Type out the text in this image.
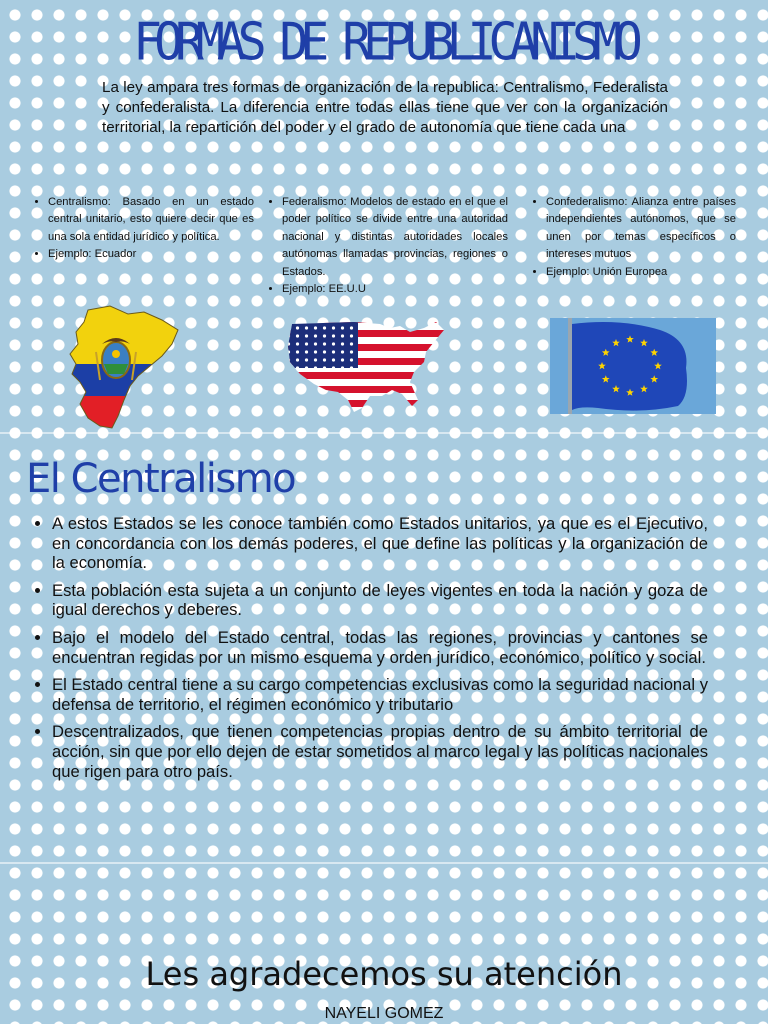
FORMAS DE REPUBLICANISMO

La ley ampara tres formas de organización de la republica: Centralismo, Federalista y confederalista. La diferencia entre todas ellas tiene que ver con la organización territorial, la repartición del poder y el grado de autonomía que tiene cada una

• Centralismo: Basado en un estado central unitario, esto quiere decir que es una sola entidad jurídico y política.
• Ejemplo: Ecuador
• Federalismo: Modelos de estado en el que el poder político se divide entre una autoridad nacional y distintas autoridades locales autónomas llamadas provincias, regiones o Estados.
• Ejemplo: EE.U.U
• Confederalismo: Alianza entre países independientes autónomos, que se unen por temas específicos o intereses mutuos
• Ejemplo: Unión Europea
El Centralismo
• A estos Estados se les conoce también como Estados unitarios, ya que es el Ejecutivo, en concordancia con los demás poderes, el que define las políticas y la organización de la economía.
• Esta población esta sujeta a un conjunto de leyes vigentes en toda la nación y goza de igual derechos y deberes.
• Bajo el modelo del Estado central, todas las regiones, provincias y cantones se encuentran regidas por un mismo esquema y orden jurídico, económico, político y social.
• El Estado central tiene a su cargo competencias exclusivas como la seguridad nacional y defensa de territorio, el régimen económico y tributario
• Descentralizados, que tienen competencias propias dentro de su ámbito territorial de acción, sin que por ello dejen de estar sometidos al marco legal y las políticas nacionales que rigen para otro país.
Les agradecemos su atención
NAYELI GOMEZ
